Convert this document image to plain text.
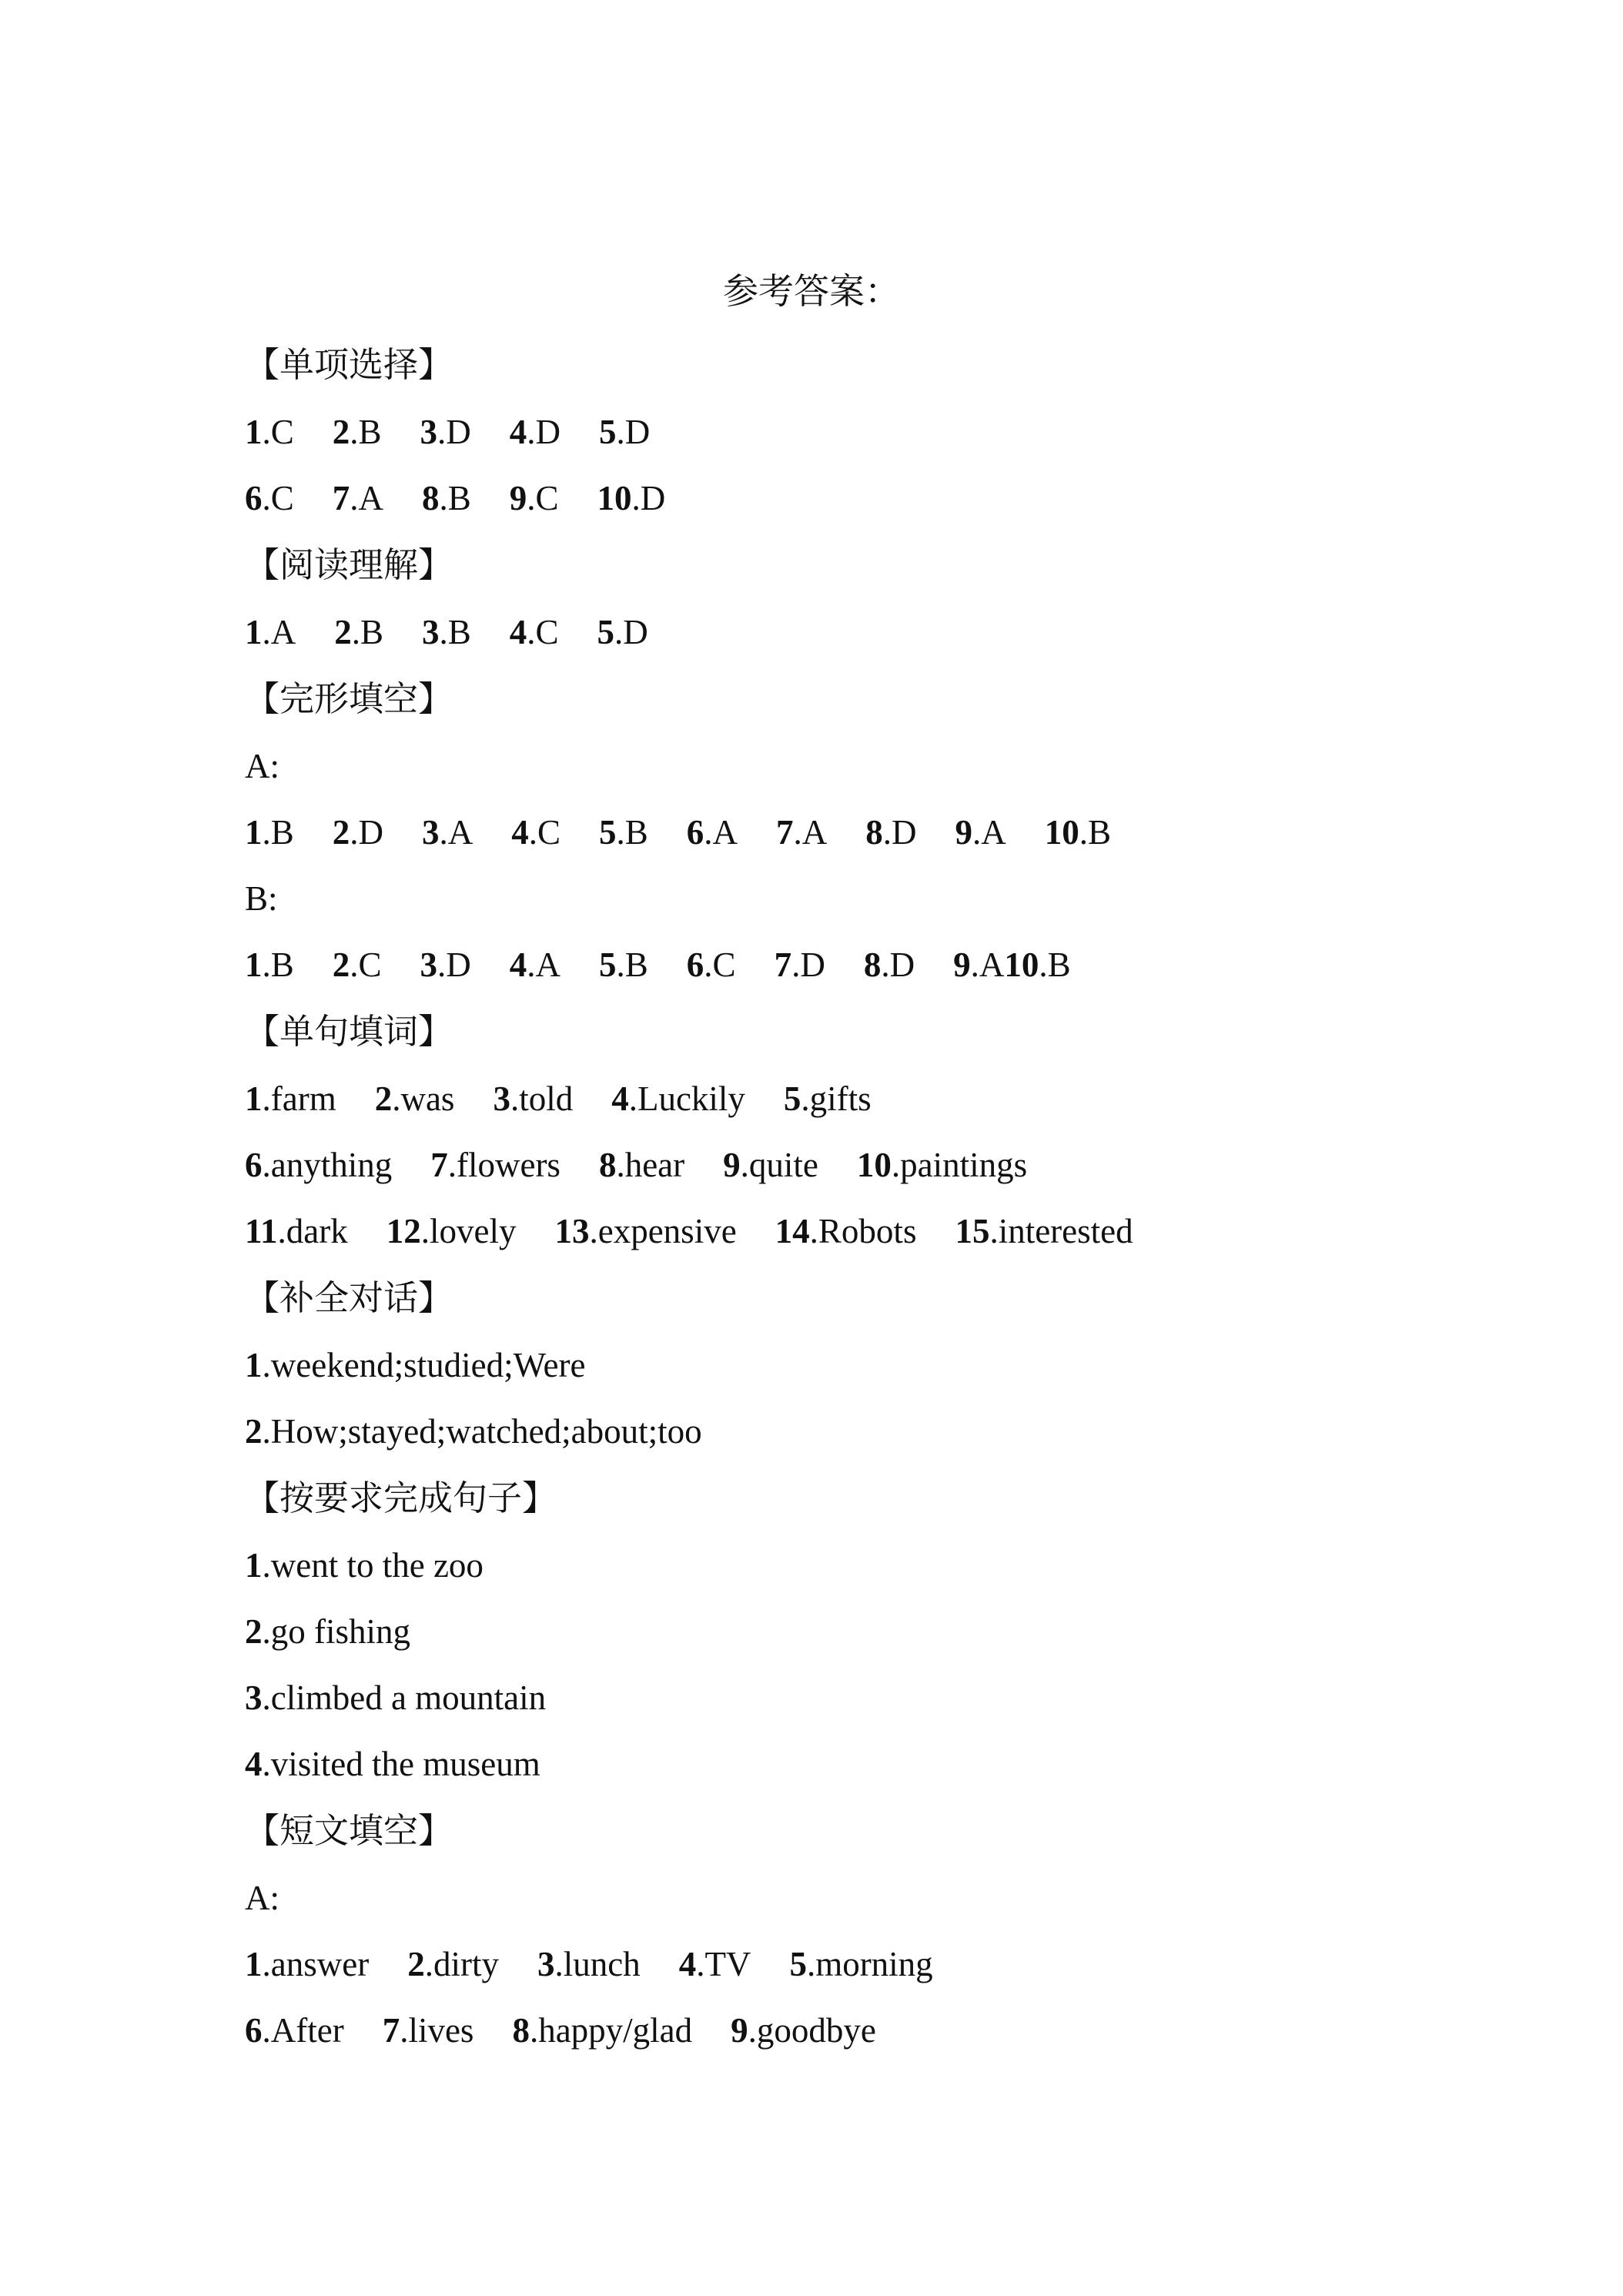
参考答案：
【单项选择】
1.C 2.B 3.D 4.D 5.D
6.C 7.A 8.B 9.C 10.D
【阅读理解】
1.A 2.B 3.B 4.C 5.D
【完形填空】
A:
1.B 2.D 3.A 4.C 5.B 6.A 7.A 8.D 9.A 10.B
B:
1.B 2.C 3.D 4.A 5.B 6.C 7.D 8.D 9.A10.B
【单句填词】
1.farm 2.was 3.told 4.Luckily 5.gifts
6.anything 7.flowers 8.hear 9.quite 10.paintings
11.dark 12.lovely 13.expensive 14.Robots 15.interested
【补全对话】
1.weekend;studied;Were
2.How;stayed;watched;about;too
【按要求完成句子】
1.went to the zoo
2.go fishing
3.climbed a mountain
4.visited the museum
【短文填空】
A:
1.answer 2.dirty 3.lunch 4.TV 5.morning
6.After 7.lives 8.happy/glad 9.goodbye
